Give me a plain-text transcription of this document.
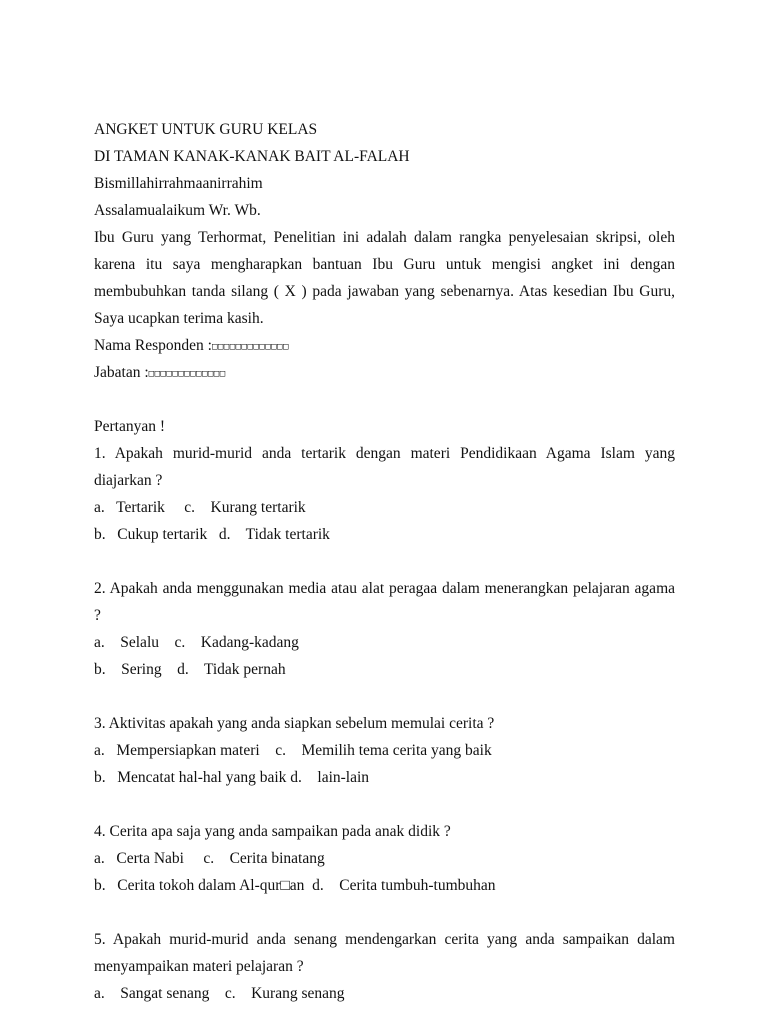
ANGKET UNTUK GURU KELAS
DI TAMAN KANAK-KANAK BAIT AL-FALAH
Bismillahirrahmaanirrahim
Assalamualaikum Wr. Wb.

Ibu Guru yang Terhormat, Penelitian ini adalah dalam rangka penyelesaian skripsi, oleh karena itu saya mengharapkan bantuan Ibu Guru untuk mengisi angket ini dengan membubuhkan tanda silang ( X ) pada jawaban yang sebenarnya. Atas kesedian Ibu Guru, Saya ucapkan terima kasih.

Nama Responden :□□□□□□□□□□□□□
Jabatan :□□□□□□□□□□□□□
Pertanyan !
1. Apakah murid-murid anda tertarik dengan materi Pendidikaan Agama Islam yang diajarkan ?
a.   Tertarik     c.    Kurang tertarik
b.   Cukup tertarik   d.    Tidak tertarik
2. Apakah anda menggunakan media atau alat peragaa dalam menerangkan pelajaran agama ?
a.    Selalu    c.    Kadang-kadang
b.    Sering    d.    Tidak pernah
3. Aktivitas apakah yang anda siapkan sebelum memulai cerita ?
a.   Mempersiapkan materi    c.    Memilih tema cerita yang baik
b.   Mencatat hal-hal yang baik d.    lain-lain
4. Cerita apa saja yang anda sampaikan pada anak didik ?
a.   Certa Nabi     c.    Cerita binatang
b.   Cerita tokoh dalam Al-qur□an  d.    Cerita tumbuh-tumbuhan
5. Apakah murid-murid anda senang mendengarkan cerita yang anda sampaikan dalam menyampaikan materi pelajaran ?
a.    Sangat senang    c.    Kurang senang
